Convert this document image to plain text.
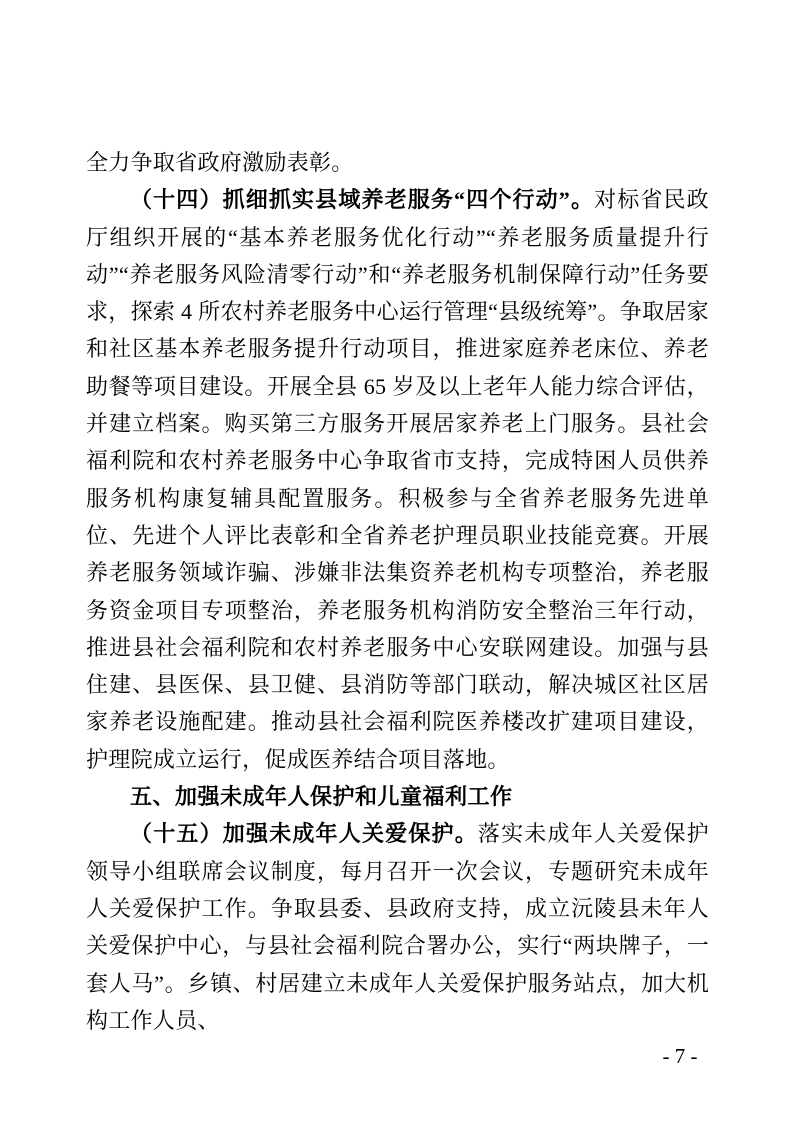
全力争取省政府激励表彰。

（十四）抓细抓实县域养老服务“四个行动”。对标省民政厅组织开展的“基本养老服务优化行动”“养老服务质量提升行动”“养老服务风险清零行动”和“养老服务机制保障行动”任务要求，探索 4 所农村养老服务中心运行管理“县级统筹”。争取居家和社区基本养老服务提升行动项目，推进家庭养老床位、养老助餐等项目建设。开展全县 65 岁及以上老年人能力综合评估，并建立档案。购买第三方服务开展居家养老上门服务。县社会福利院和农村养老服务中心争取省市支持，完成特困人员供养服务机构康复辅具配置服务。积极参与全省养老服务先进单位、先进个人评比表彰和全省养老护理员职业技能竞赛。开展养老服务领域诈骗、涉嫌非法集资养老机构专项整治，养老服务资金项目专项整治，养老服务机构消防安全整治三年行动，推进县社会福利院和农村养老服务中心安联网建设。加强与县住建、县医保、县卫健、县消防等部门联动，解决城区社区居家养老设施配建。推动县社会福利院医养楼改扩建项目建设，护理院成立运行，促成医养结合项目落地。

五、加强未成年人保护和儿童福利工作

（十五）加强未成年人关爱保护。落实未成年人关爱保护领导小组联席会议制度，每月召开一次会议，专题研究未成年人关爱保护工作。争取县委、县政府支持，成立沅陵县未年人关爱保护中心，与县社会福利院合署办公，实行“两块牌子，一套人马”。乡镇、村居建立未成年人关爱保护服务站点，加大机构工作人员、

- 7 -
